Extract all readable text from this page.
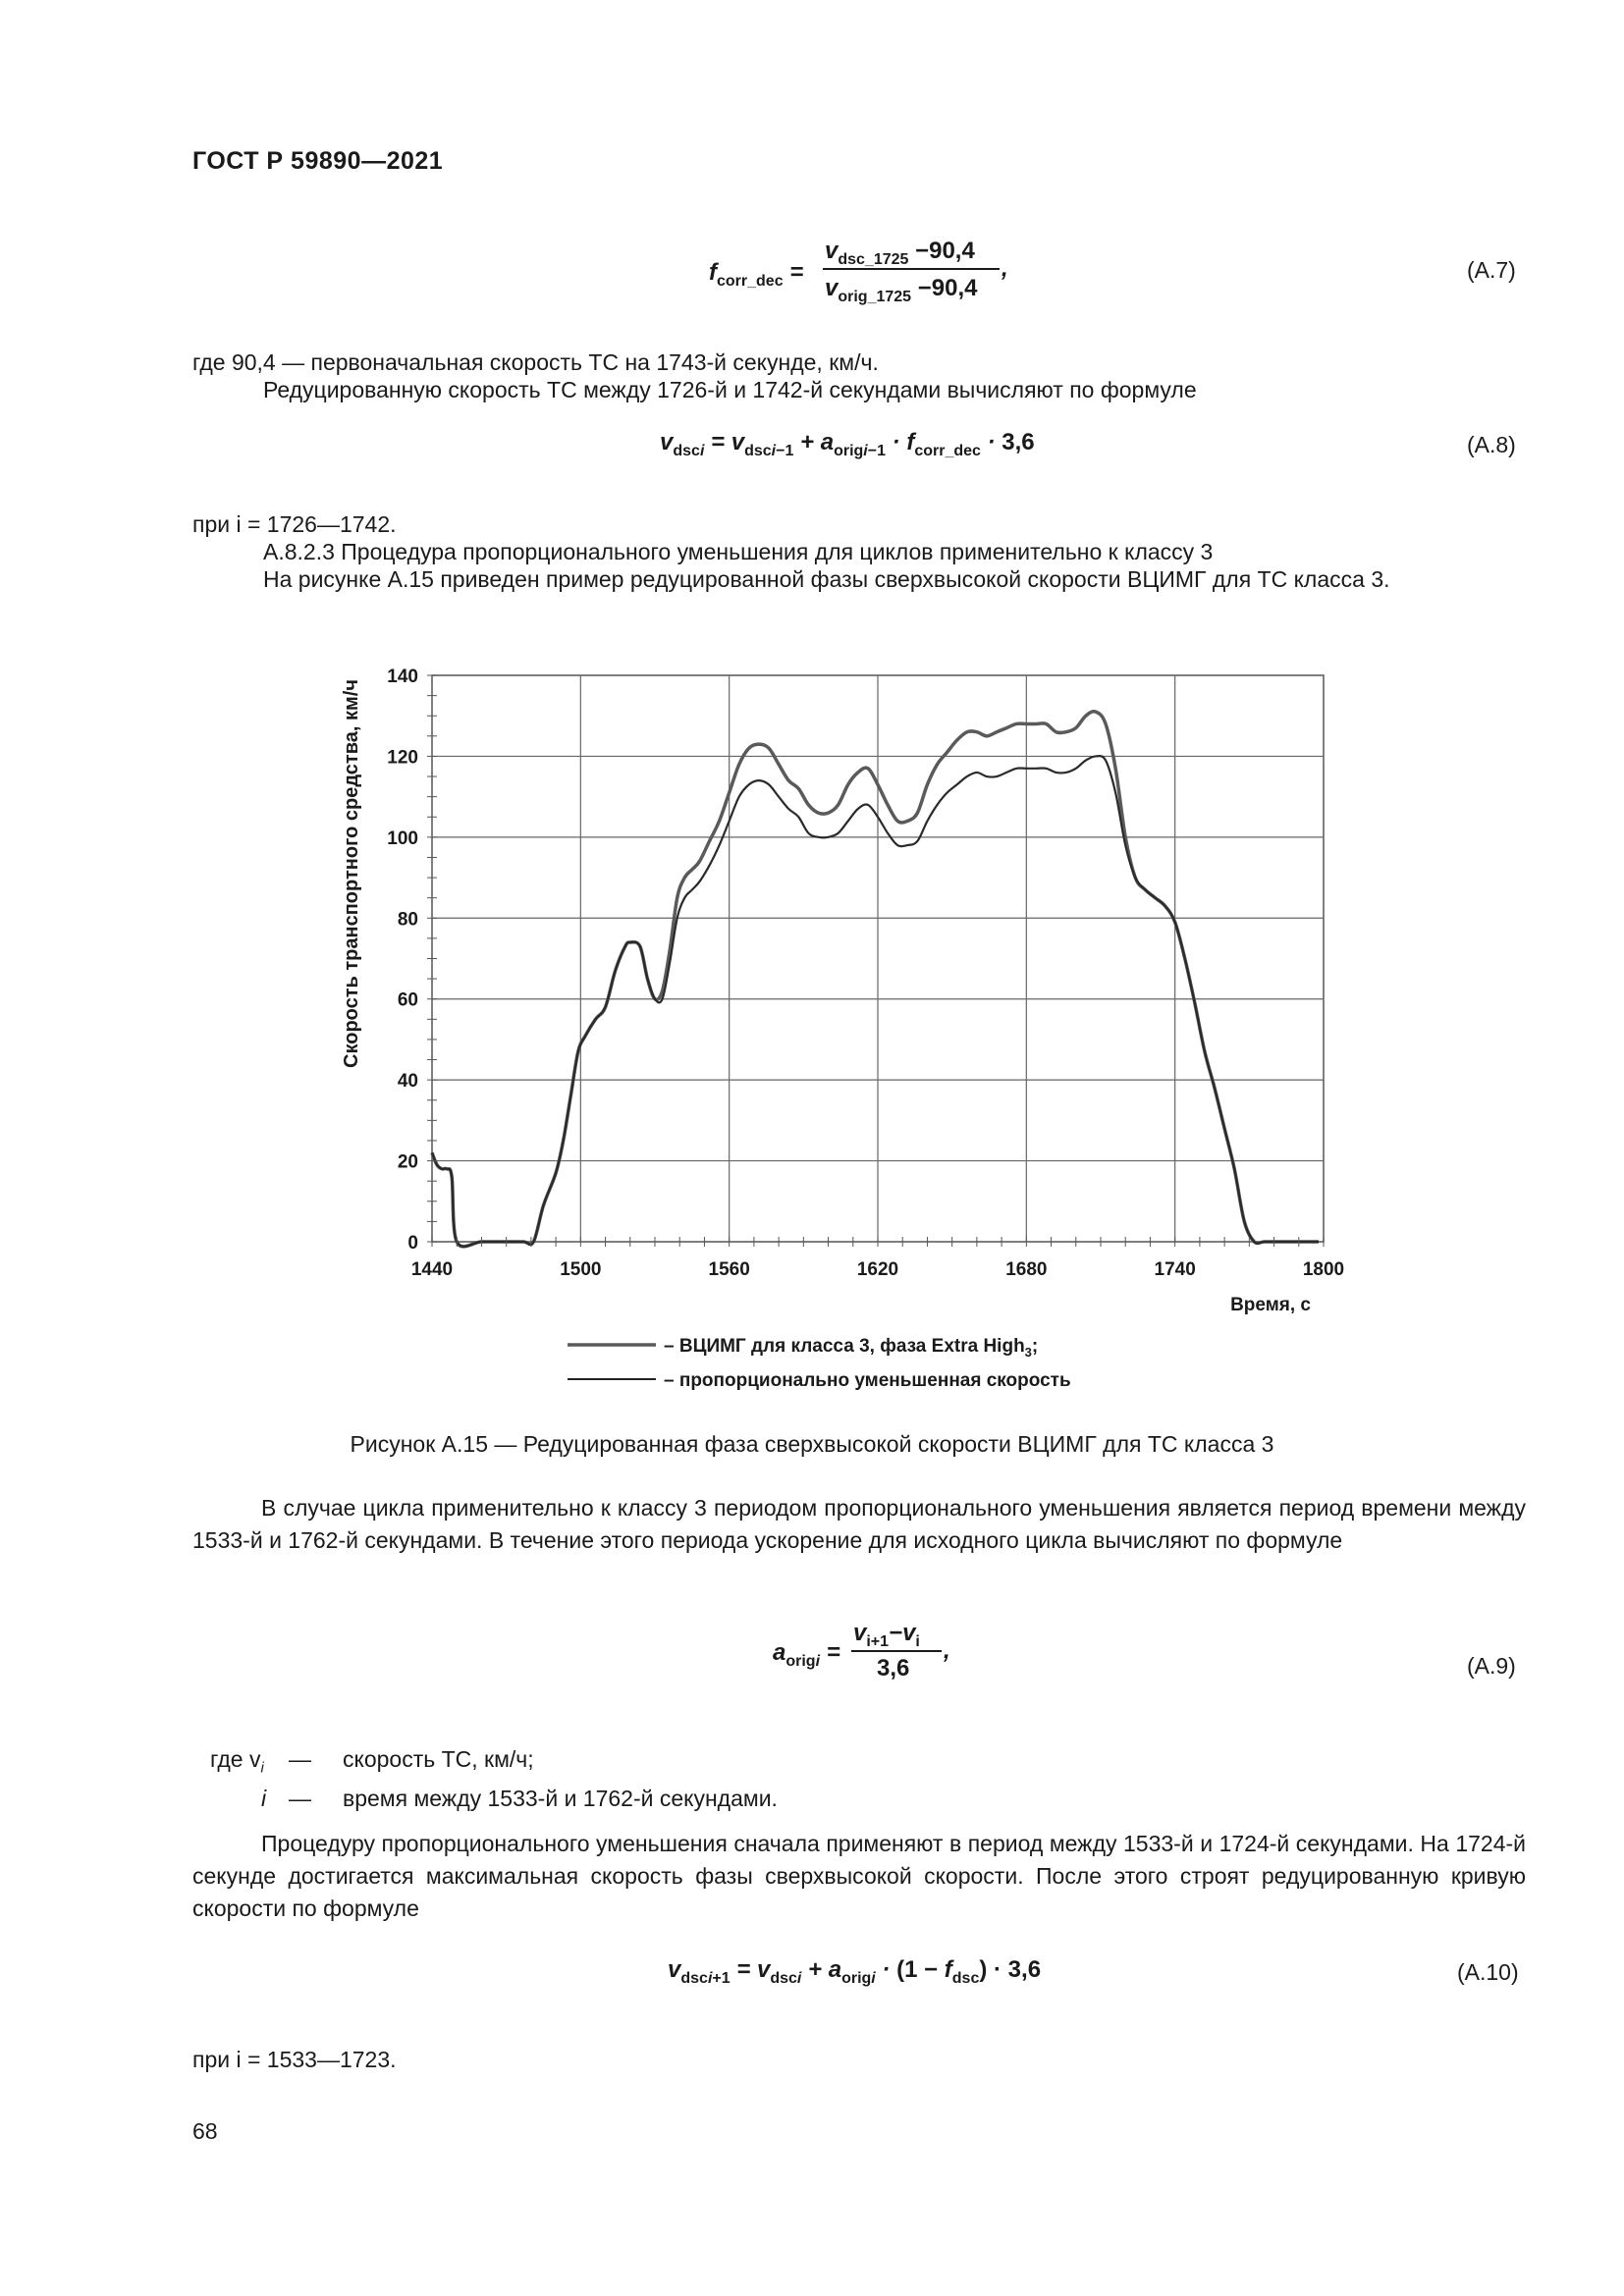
ГОСТ Р 59890—2021
$f_{corr\_dec}$ =
$v_{dsc\_1725} -90,4$
$v_{orig\_1725} -90,4$
,	(A.7)
где 90,4 — первоначальная скорость ТС на 1743-й секунде, км/ч.
Редуцированную скорость ТС между 1726-й и 1742-й секундами вычисляют по формуле
$v_{dsci} = v_{dsci-1} + a_{origi-1} \cdot f_{corr\_dec} \cdot 3,6$	(A.8)
при i = 1726—1742.
А.8.2.3 Процедура пропорционального уменьшения для циклов применительно к классу 3
На рисунке А.15 приведен пример редуцированной фазы сверхвысокой скорости ВЦИМГ для ТС класса 3.
0
20
40
60
80
100
120
140
1440	1500	1560	1620	1680	1740	1800
Скорость транспортного средства, км/ч
Время, с
– ВЦИМГ для класса 3, фаза Extra High$_3$;
– пропорционально уменьшенная скорость
Рисунок А.15 — Редуцированная фаза сверхвысокой скорости ВЦИМГ для ТС класса 3
В случае цикла применительно к классу 3 периодом пропорционального уменьшения является период времени между 1533-й и 1762-й секундами. В течение этого периода ускорение для исходного цикла вычисляют по формуле
$a_{origi}$ =
$v_{i+1}-v_i$
3,6
,
(A.9)
где $v_i$ — скорость ТС, км/ч;
i — время между 1533-й и 1762-й секундами.
Процедуру пропорционального уменьшения сначала применяют в период между 1533-й и 1724-й секундами. На 1724-й секунде достигается максимальная скорость фазы сверхвысокой скорости. После этого строят редуцированную кривую скорости по формуле
$v_{dsci+1} = v_{dsci} + a_{origi} \cdot (1 - f_{dsc}) \cdot 3,6$	(A.10)
при i = 1533—1723.
68
